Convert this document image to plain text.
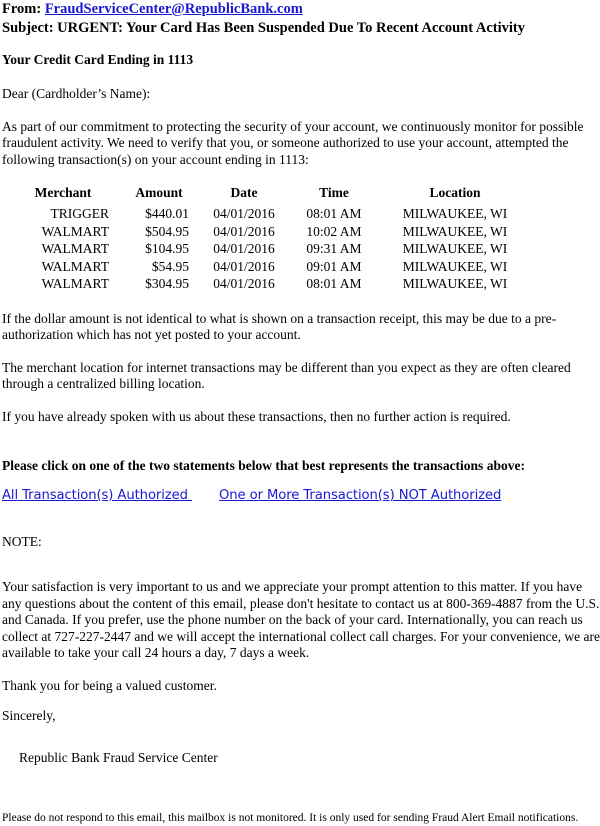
From: FraudServiceCenter@RepublicBank.com
Subject: URGENT: Your Card Has Been Suspended Due To Recent Account Activity
Your Credit Card Ending in 1113

Dear (Cardholder’s Name):

As part of our commitment to protecting the security of your account, we continuously monitor for possible fraudulent activity. We need to verify that you, or someone authorized to use your account, attempted the following transaction(s) on your account ending in 1113:

Merchant	Amount	Date	Time	Location
TRIGGER	$440.01	04/01/2016	08:01 AM	MILWAUKEE, WI
WALMART	$504.95	04/01/2016	10:02 AM	MILWAUKEE, WI
WALMART	$104.95	04/01/2016	09:31 AM	MILWAUKEE, WI
WALMART	$54.95	04/01/2016	09:01 AM	MILWAUKEE, WI
WALMART	$304.95	04/01/2016	08:01 AM	MILWAUKEE, WI

If the dollar amount is not identical to what is shown on a transaction receipt, this may be due to a pre-authorization which has not yet posted to your account.

The merchant location for internet transactions may be different than you expect as they are often cleared through a centralized billing location.

If you have already spoken with us about these transactions, then no further action is required.

Please click on one of the two statements below that best represents the transactions above:

All Transaction(s) Authorized One or More Transaction(s) NOT Authorized

NOTE:

Your satisfaction is very important to us and we appreciate your prompt attention to this matter. If you have any questions about the content of this email, please don't hesitate to contact us at 800-369-4887 from the U.S. and Canada. If you prefer, use the phone number on the back of your card. Internationally, you can reach us collect at 727-227-2447 and we will accept the international collect call charges. For your convenience, we are available to take your call 24 hours a day, 7 days a week.

Thank you for being a valued customer.

Sincerely,

Republic Bank Fraud Service Center

Please do not respond to this email, this mailbox is not monitored. It is only used for sending Fraud Alert Email notifications.
